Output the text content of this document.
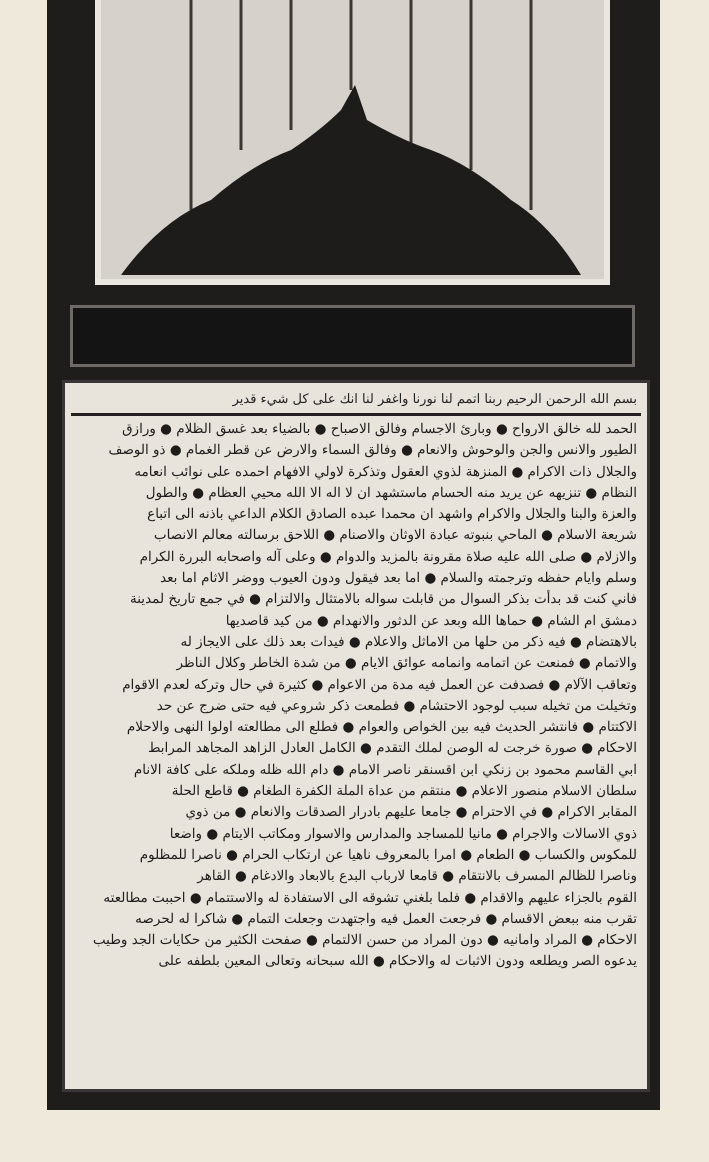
بسم الله الرحمن الرحيم ربنا اتمم لنا نورنا واغفر لنا انك على كل شيء قدير
الحمد لله خالق الارواح ● وبارئ الاجسام وفالق الاصباح ● بالضياء بعد غسق الظلام ● ورازق
الطيور والانس والجن والوحوش والانعام ● وفالق السماء والارض عن قطر الغمام ● ذو الوصف
والجلال ذات الاكرام ● المنزهة لذوي العقول وتذكرة لاولي الافهام احمده على نوائب انعامه
النظام ● تنزيهه عن يريد منه الحسام ماستشهد ان لا اله الا الله محيي العظام ● والطول
والعزة والبنا والجلال والاكرام واشهد ان محمدا عبده الصادق الكلام الداعي باذنه الى اتباع
شريعة الاسلام ● الماحي بنبوته عبادة الاوثان والاصنام ● اللاحق برسالته معالم الانصاب
والازلام ● صلى الله عليه صلاة مقرونة بالمزيد والدوام ● وعلى آله واصحابه البررة الكرام
وسلم وايام حفظه وترجمته والسلام ● اما بعد فيقول ودون العيوب ووضر الاثام اما بعد
فاني كنت قد بدأت بذكر السوال من قابلت سواله بالامتثال والالتزام ● في جمع تاريخ لمدينة
دمشق ام الشام ● حماها الله وبعد عن الدثور والانهدام ● من كيد قاصديها
بالاهتضام ● فيه ذكر من حلها من الاماثل والاعلام ● فيدات بعد ذلك على الايجاز له
والاتمام ● فمنعت عن اتمامه وانمامه عوائق الايام ● من شدة الخاطر وكلال الناظر
وتعاقب الآلام ● فصدفت عن العمل فيه مدة من الاعوام ● كثيرة في حال وتركه لعدم الاقوام
وتخيلت من تخيله سبب لوجود الاحتشام ● فطمعت ذكر شروعي فيه حتى ضرج عن حد
الاكتتام ● فانتشر الحديث فيه بين الخواص والعوام ● فطلع الى مطالعته اولوا النهى والاحلام
الاحكام ● صورة خرجت له الوصن لملك التقدم ● الكامل العادل الزاهد المجاهد المرابط
ابي القاسم محمود بن زنكي ابن اقسنقر ناصر الامام ● دام الله ظله وملكه على كافة الانام
سلطان الاسلام منصور الاعلام ● منتقم من عداة الملة الكفرة الطغام ● قاطع الحلة
المقابر الاكرام ● في الاحترام ● جامعا عليهم بادرار الصدقات والانعام ● من ذوي
ذوي الاسالات والاجرام ● مانيا للمساجد والمدارس والاسوار ومكاتب الايتام ● واضعا
للمكوس والكساب ● الطعام ● امرا بالمعروف ناهيا عن ارتكاب الحرام ● ناصرا للمظلوم
وناصرا للظالم المسرف بالانتقام ● قامعا لارباب البدع بالابعاد والادغام ● القاهر
القوم بالجزاء عليهم والاقدام ● فلما بلغني تشوقه الى الاستفادة له والاستتمام ● احببت مطالعته
تقرب منه ببعض الاقسام ● فرجعت العمل فيه واجتهدت وجعلت التمام ● شاكرا له لحرصه
الاحكام ● المراد وامانيه ● دون المراد من حسن الالتمام ● صفحت الكثير من حكايات الجد وطيب
يدعوه الصر ويطلعه ودون الاثبات له والاحكام ● الله سبحانه وتعالى المعين بلطفه على
